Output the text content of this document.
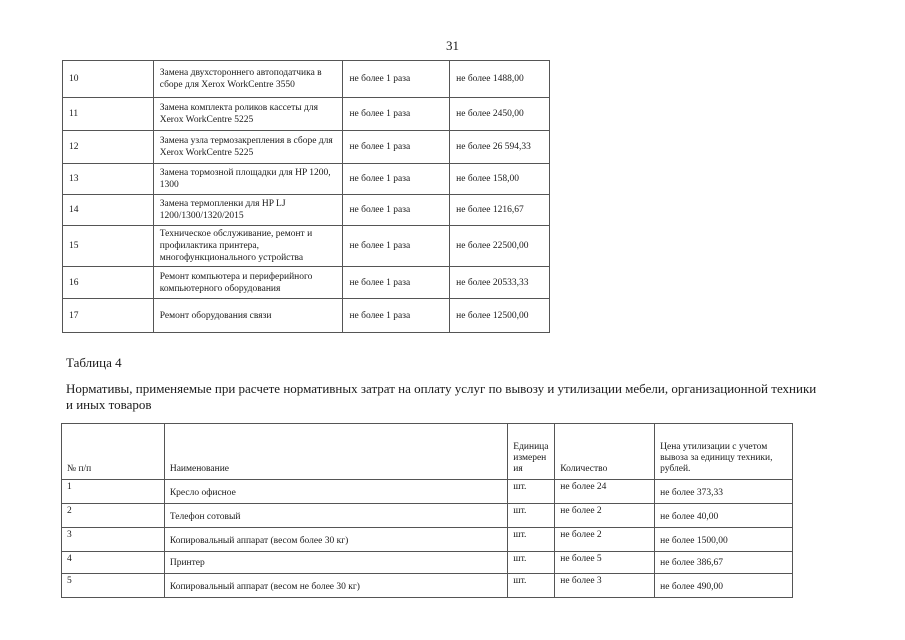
31
10	Замена двухстороннего автоподатчика в сборе для Xerox WorkCentre 3550	не более 1 раза	не более 1488,00
11	Замена комплекта роликов кассеты для Xerox WorkCentre 5225	не более 1 раза	не более 2450,00
12	Замена узла термозакрепления в сборе для Xerox WorkCentre 5225	не более 1 раза	не более 26 594,33
13	Замена тормозной площадки для HP 1200, 1300	не более 1 раза	не более 158,00
14	Замена термопленки для HP LJ 1200/1300/1320/2015	не более 1 раза	не более 1216,67
15	Техническое обслуживание, ремонт и профилактика принтера, многофункционального устройства	не более 1 раза	не более 22500,00
16	Ремонт компьютера и периферийного компьютерного оборудования	не более 1 раза	не более 20533,33
17	Ремонт оборудования связи	не более 1 раза	не более 12500,00
Таблица 4
Нормативы, применяемые при расчете нормативных затрат на оплату услуг по вывозу и утилизации мебели, организационной техники и иных товаров
№ п/п	Наименование	Единица измерения	Количество	Цена утилизации с учетом вывоза за единицу техники, рублей.
1	Кресло офисное	шт.	не более 24	не более 373,33
2	Телефон сотовый	шт.	не более 2	не более 40,00
3	Копировальный аппарат (весом более 30 кг)	шт.	не более 2	не более 1500,00
4	Принтер	шт.	не более 5	не более 386,67
5	Копировальный аппарат (весом не более 30 кг)	шт.	не более 3	не более 490,00
